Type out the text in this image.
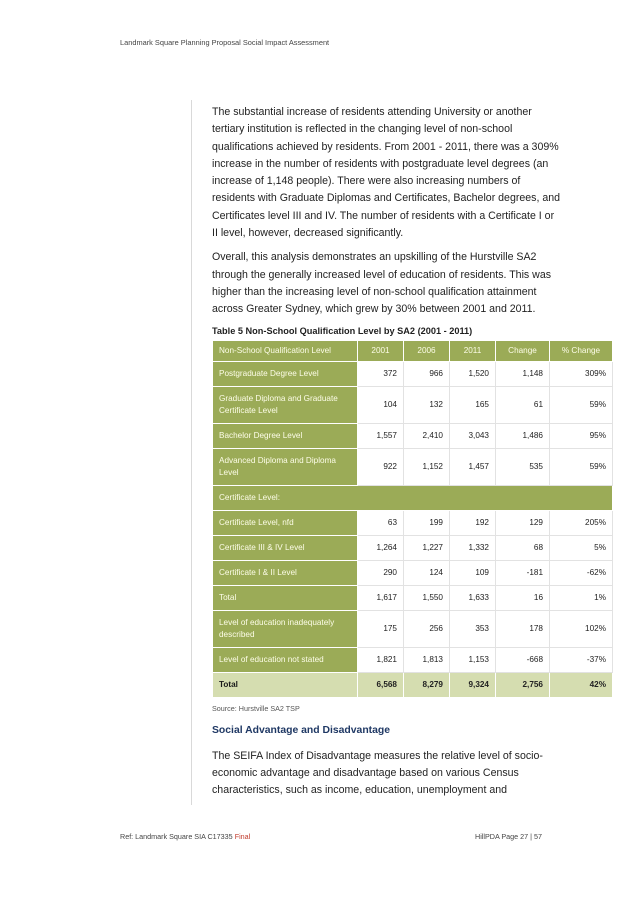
Landmark Square Planning Proposal Social Impact Assessment

The substantial increase of residents attending University or another tertiary institution is reflected in the changing level of non-school qualifications achieved by residents. From 2001 - 2011, there was a 309% increase in the number of residents with postgraduate level degrees (an increase of 1,148 people). There were also increasing numbers of residents with Graduate Diplomas and Certificates, Bachelor degrees, and Certificates level III and IV. The number of residents with a Certificate I or II level, however, decreased significantly.

Overall, this analysis demonstrates an upskilling of the Hurstville SA2 through the generally increased level of education of residents. This was higher than the increasing level of non-school qualification attainment across Greater Sydney, which grew by 30% between 2001 and 2011.

Table 5 Non-School Qualification Level by SA2 (2001 - 2011)
Non-School Qualification Level	2001	2006	2011	Change	% Change
Postgraduate Degree Level	372	966	1,520	1,148	309%
Graduate Diploma and Graduate Certificate Level	104	132	165	61	59%
Bachelor Degree Level	1,557	2,410	3,043	1,486	95%
Advanced Diploma and Diploma Level	922	1,152	1,457	535	59%
Certificate Level:					
Certificate Level, nfd	63	199	192	129	205%
Certificate III & IV Level	1,264	1,227	1,332	68	5%
Certificate I & II Level	290	124	109	-181	-62%
Total	1,617	1,550	1,633	16	1%
Level of education inadequately described	175	256	353	178	102%
Level of education not stated	1,821	1,813	1,153	-668	-37%
Total	6,568	8,279	9,324	2,756	42%
Source: Hurstville SA2 TSP
Social Advantage and Disadvantage

The SEIFA Index of Disadvantage measures the relative level of socio-economic advantage and disadvantage based on various Census characteristics, such as income, education, unemployment and

Ref: Landmark Square SIA C17335 Final	HillPDA Page 27 | 57
